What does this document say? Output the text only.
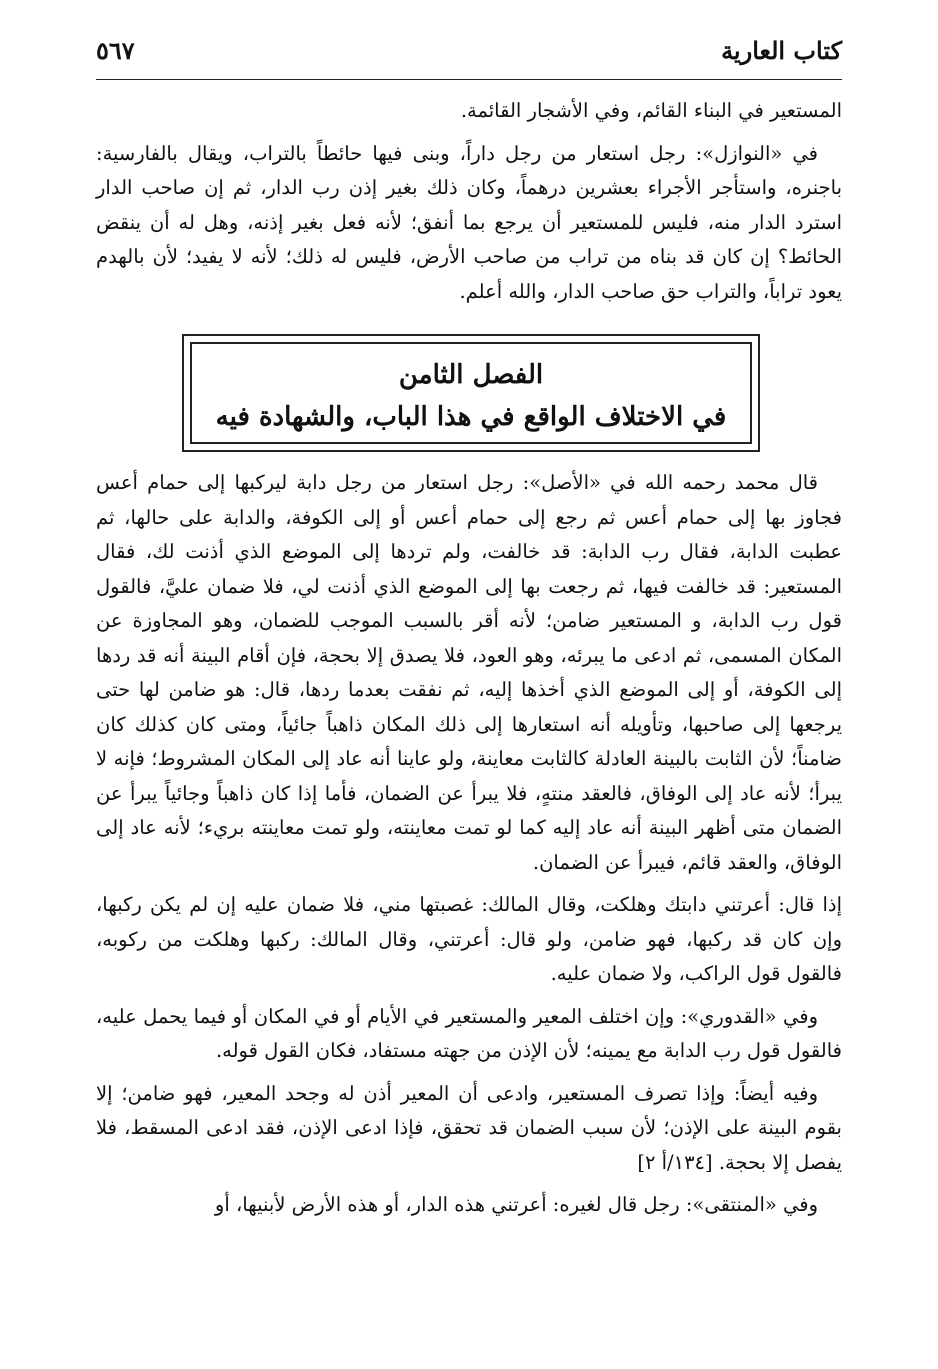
كتاب العارية
٥٦٧

المستعير في البناء القائم، وفي الأشجار القائمة.

في «النوازل»: رجل استعار من رجل داراً، وبنى فيها حائطاً بالتراب، ويقال بالفارسية: باجنره، واستأجر الأجراء بعشرين درهماً، وكان ذلك بغير إذن رب الدار، ثم إن صاحب الدار استرد الدار منه، فليس للمستعير أن يرجع بما أنفق؛ لأنه فعل بغير إذنه، وهل له أن ينقض الحائط؟ إن كان قد بناه من تراب من صاحب الأرض، فليس له ذلك؛ لأنه لا يفيد؛ لأن بالهدم يعود تراباً، والتراب حق صاحب الدار، والله أعلم.

الفصل الثامن
في الاختلاف الواقع في هذا الباب، والشهادة فيه

قال محمد رحمه الله في «الأصل»: رجل استعار من رجل دابة ليركبها إلى حمام أعس فجاوز بها إلى حمام أعس ثم رجع إلى حمام أعس أو إلى الكوفة، والدابة على حالها، ثم عطبت الدابة، فقال رب الدابة: قد خالفت، ولم تردها إلى الموضع الذي أذنت لك، فقال المستعير: قد خالفت فيها، ثم رجعت بها إلى الموضع الذي أذنت لي، فلا ضمان عليَّ، فالقول قول رب الدابة، و المستعير ضامن؛ لأنه أقر بالسبب الموجب للضمان، وهو المجاوزة عن المكان المسمى، ثم ادعى ما يبرئه، وهو العود، فلا يصدق إلا بحجة، فإن أقام البينة أنه قد ردها إلى الكوفة، أو إلى الموضع الذي أخذها إليه، ثم نفقت بعدما ردها، قال: هو ضامن لها حتى يرجعها إلى صاحبها، وتأويله أنه استعارها إلى ذلك المكان ذاهباً جائياً، ومتى كان كذلك كان ضامناً؛ لأن الثابت بالبينة العادلة كالثابت معاينة، ولو عاينا أنه عاد إلى المكان المشروط؛ فإنه لا يبرأ؛ لأنه عاد إلى الوفاق، فالعقد منتهٍ، فلا يبرأ عن الضمان، فأما إذا كان ذاهباً وجائياً يبرأ عن الضمان متى أظهر البينة أنه عاد إليه كما لو تمت معاينته، ولو تمت معاينته بريء؛ لأنه عاد إلى الوفاق، والعقد قائم، فيبرأ عن الضمان.

إذا قال: أعرتني دابتك وهلكت، وقال المالك: غصبتها مني، فلا ضمان عليه إن لم يكن ركبها، وإن كان قد ركبها، فهو ضامن، ولو قال: أعرتني، وقال المالك: ركبها وهلكت من ركوبه، فالقول قول الراكب، ولا ضمان عليه.

وفي «القدوري»: وإن اختلف المعير والمستعير في الأيام أو في المكان أو فيما يحمل عليه، فالقول قول رب الدابة مع يمينه؛ لأن الإذن من جهته مستفاد، فكان القول قوله.

وفيه أيضاً: وإذا تصرف المستعير، وادعى أن المعير أذن له وجحد المعير، فهو ضامن؛ إلا بقوم البينة على الإذن؛ لأن سبب الضمان قد تحقق، فإذا ادعى الإذن، فقد ادعى المسقط، فلا يفصل إلا بحجة. [١٣٤/أ ٢]

وفي «المنتقى»: رجل قال لغيره: أعرتني هذه الدار، أو هذه الأرض لأبنيها، أو
